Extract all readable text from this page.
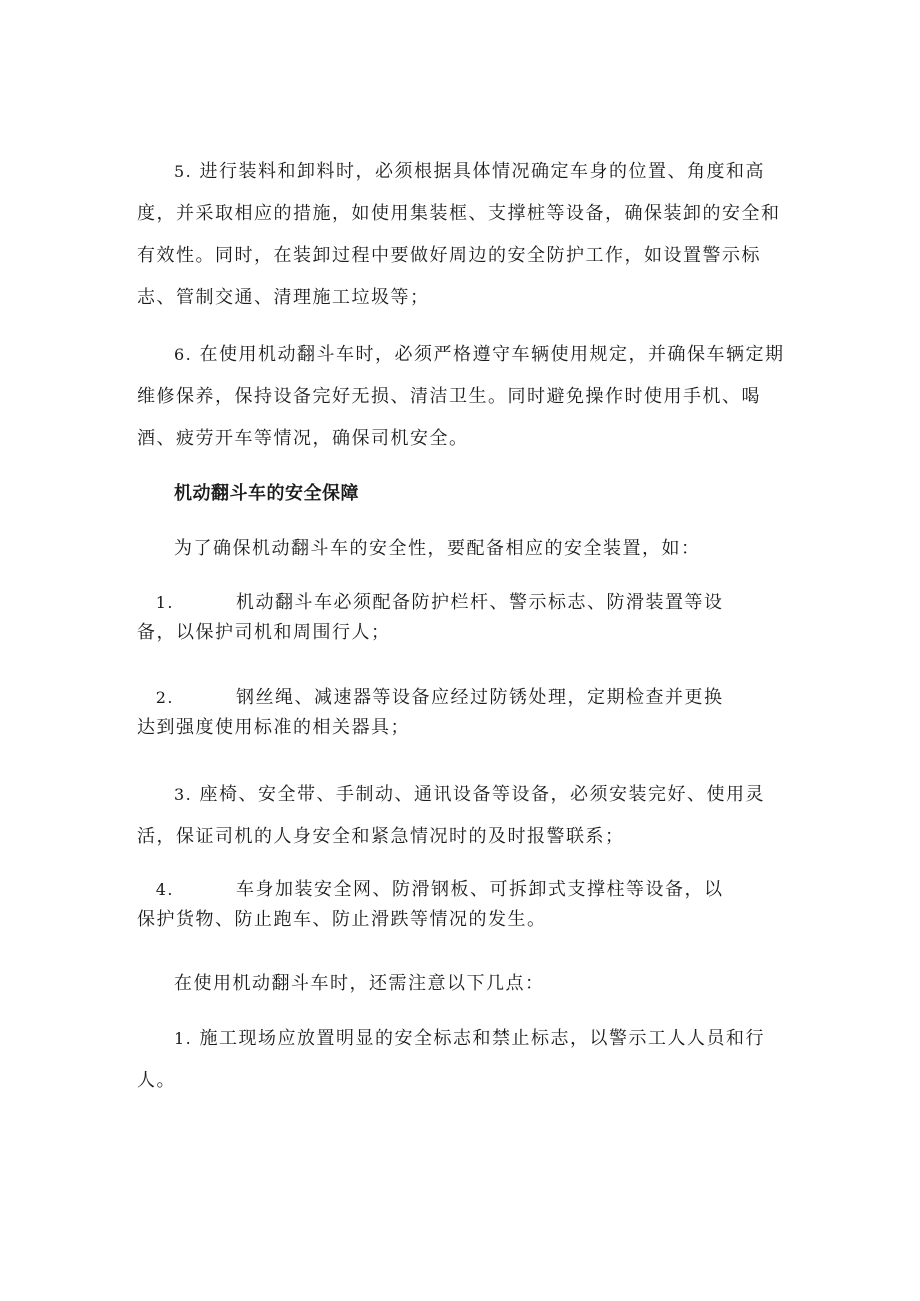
5. 进行装料和卸料时，必须根据具体情况确定车身的位置、角度和高度，并采取相应的措施，如使用集装框、支撑桩等设备，确保装卸的安全和有效性。同时，在装卸过程中要做好周边的安全防护工作，如设置警示标志、管制交通、清理施工垃圾等；

6. 在使用机动翻斗车时，必须严格遵守车辆使用规定，并确保车辆定期维修保养，保持设备完好无损、清洁卫生。同时避免操作时使用手机、喝酒、疲劳开车等情况，确保司机安全。

机动翻斗车的安全保障

为了确保机动翻斗车的安全性，要配备相应的安全装置，如：

1.	机动翻斗车必须配备防护栏杆、警示标志、防滑装置等设
备，以保护司机和周围行人；
2.	钢丝绳、减速器等设备应经过防锈处理，定期检查并更换
达到强度使用标准的相关器具；

3. 座椅、安全带、手制动、通讯设备等设备，必须安装完好、使用灵活，保证司机的人身安全和紧急情况时的及时报警联系；

4.	车身加装安全网、防滑钢板、可拆卸式支撑柱等设备，以
保护货物、防止跑车、防止滑跌等情况的发生。

在使用机动翻斗车时，还需注意以下几点：

1. 施工现场应放置明显的安全标志和禁止标志，以警示工人人员和行人。
